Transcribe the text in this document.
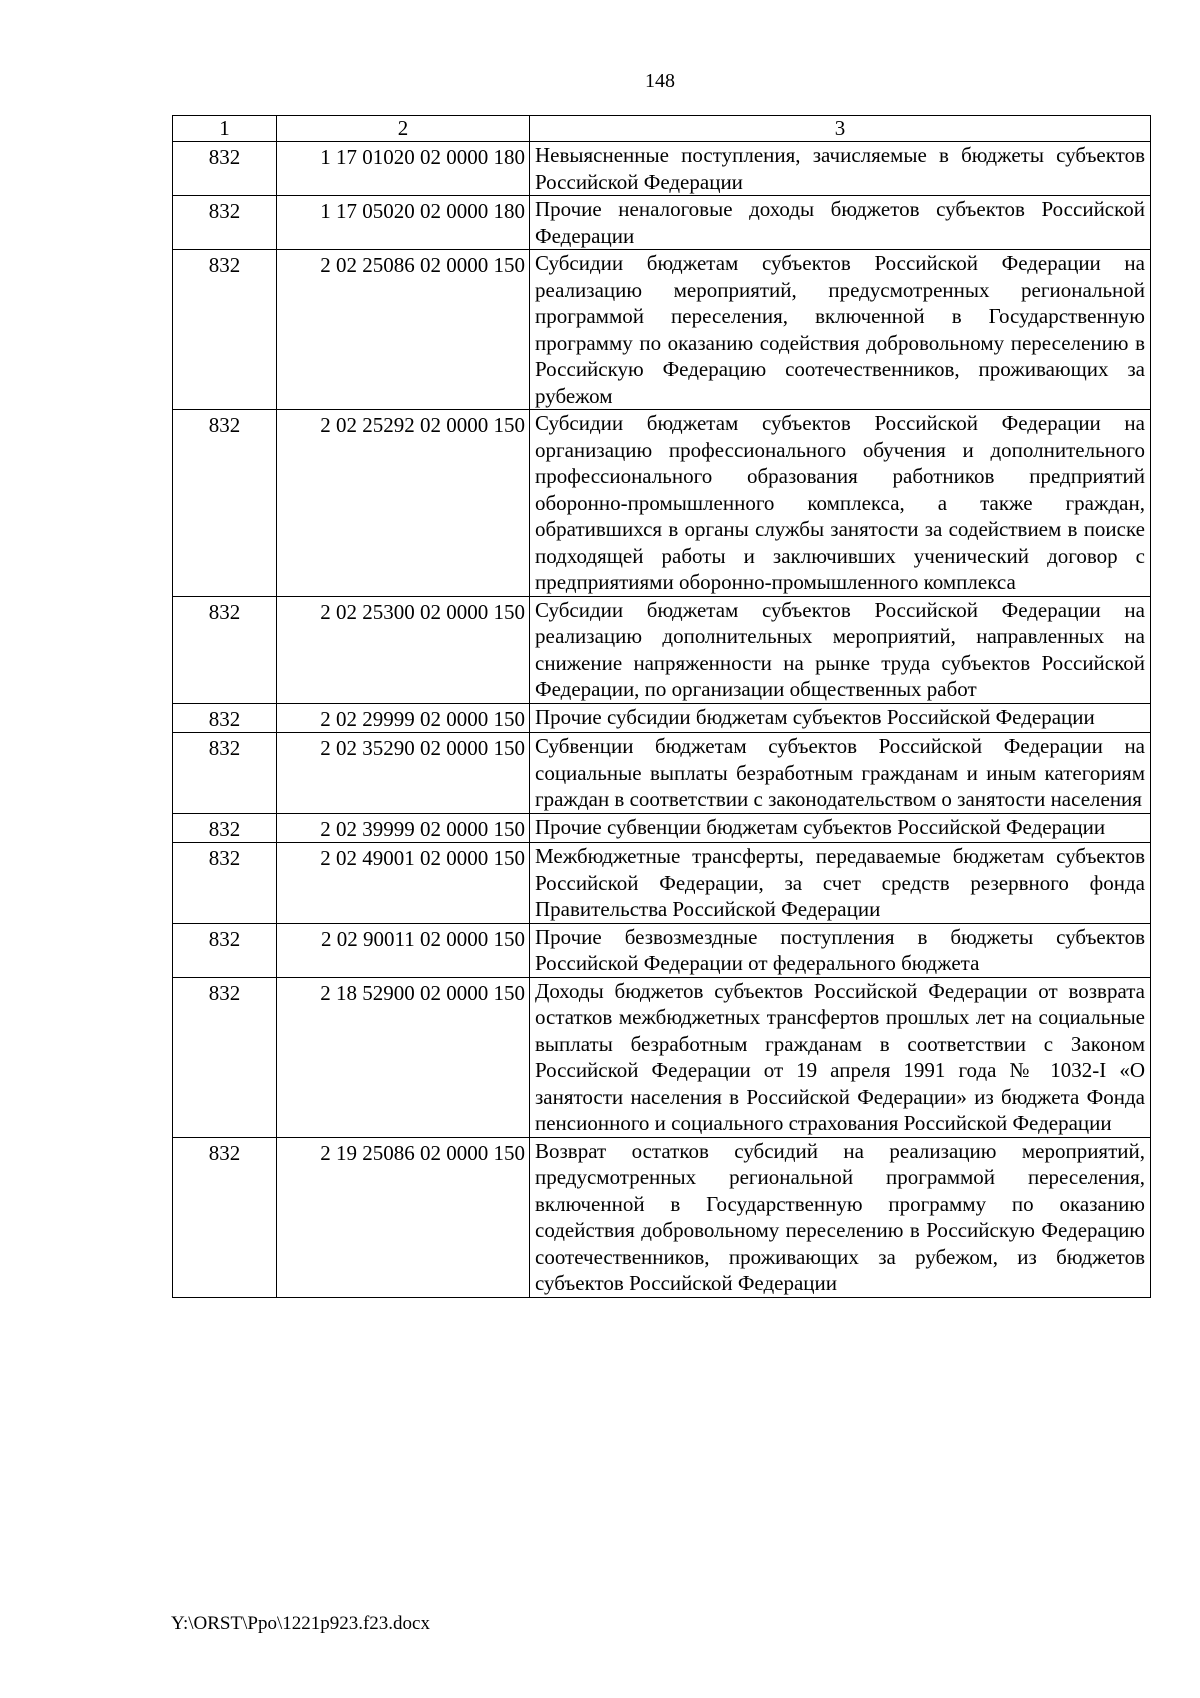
148
1	2	3
832	1 17 01020 02 0000 180	Невыясненные поступления, зачисляемые в бюджеты субъектов Российской Федерации
832	1 17 05020 02 0000 180	Прочие неналоговые доходы бюджетов субъектов Российской Федерации
832	2 02 25086 02 0000 150	Субсидии бюджетам субъектов Российской Федерации на реализацию мероприятий, предусмотренных региональной программой переселения, включенной в Государственную программу по оказанию содействия добровольному переселению в Российскую Федерацию соотечественников, проживающих за рубежом
832	2 02 25292 02 0000 150	Субсидии бюджетам субъектов Российской Федерации на организацию профессионального обучения и дополнительного профессионального образования работников предприятий оборонно-промышленного комплекса, а также граждан, обратившихся в органы службы занятости за содействием в поиске подходящей работы и заключивших ученический договор с предприятиями оборонно-промышленного комплекса
832	2 02 25300 02 0000 150	Субсидии бюджетам субъектов Российской Федерации на реализацию дополнительных мероприятий, направленных на снижение напряженности на рынке труда субъектов Российской Федерации, по организации общественных работ
832	2 02 29999 02 0000 150	Прочие субсидии бюджетам субъектов Российской Федерации
832	2 02 35290 02 0000 150	Субвенции бюджетам субъектов Российской Федерации на социальные выплаты безработным гражданам и иным категориям граждан в соответствии с законодательством о занятости населения
832	2 02 39999 02 0000 150	Прочие субвенции бюджетам субъектов Российской Федерации
832	2 02 49001 02 0000 150	Межбюджетные трансферты, передаваемые бюджетам субъектов Российской Федерации, за счет средств резервного фонда Правительства Российской Федерации
832	2 02 90011 02 0000 150	Прочие безвозмездные поступления в бюджеты субъектов Российской Федерации от федерального бюджета
832	2 18 52900 02 0000 150	Доходы бюджетов субъектов Российской Федерации от возврата остатков межбюджетных трансфертов прошлых лет на социальные выплаты безработным гражданам в соответствии с Законом Российской Федерации от 19 апреля 1991 года № 1032-I «О занятости населения в Российской Федерации» из бюджета Фонда пенсионного и социального страхования Российской Федерации
832	2 19 25086 02 0000 150	Возврат остатков субсидий на реализацию мероприятий, предусмотренных региональной программой переселения, включенной в Государственную программу по оказанию содействия добровольному переселению в Российскую Федерацию соотечественников, проживающих за рубежом, из бюджетов субъектов Российской Федерации
Y:\ORST\Ppo\1221p923.f23.docx
